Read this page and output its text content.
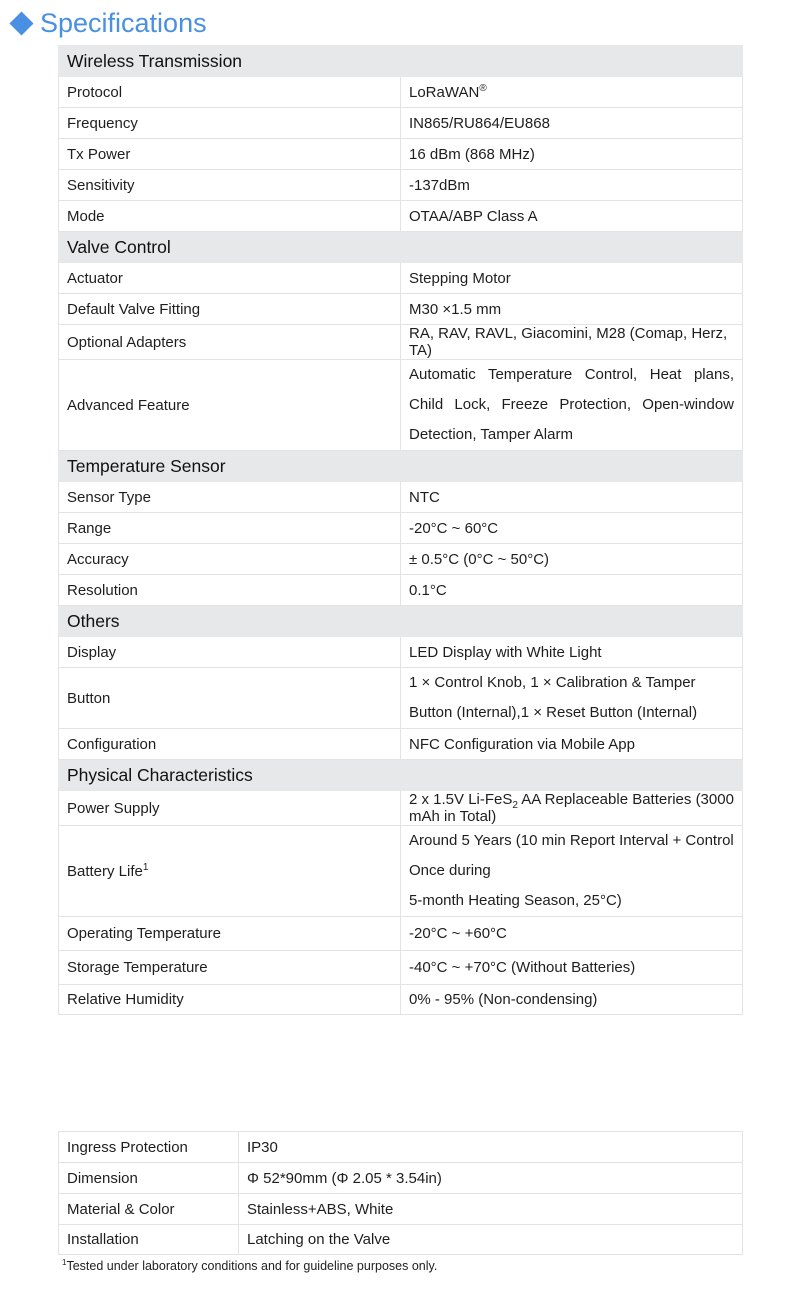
Specifications
Wireless Transmission	
Protocol	LoRaWAN®
Frequency	IN865/RU864/EU868
Tx Power	16 dBm (868 MHz)
Sensitivity	-137dBm
Mode	OTAA/ABP Class A
Valve Control	
Actuator	Stepping Motor
Default Valve Fitting	M30 ×1.5 mm
Optional Adapters	RA, RAV, RAVL, Giacomini, M28 (Comap, Herz, TA)
Advanced Feature	Automatic Temperature Control, Heat plans, Child Lock, Freeze Protection, Open-window Detection, Tamper Alarm
Temperature Sensor	
Sensor Type	NTC
Range	-20°C ~ 60°C
Accuracy	± 0.5°C (0°C ~ 50°C)
Resolution	0.1°C
Others	
Display	LED Display with White Light
Button	1 × Control Knob, 1 × Calibration & Tamper Button (Internal),1 × Reset Button (Internal)
Configuration	NFC Configuration via Mobile App
Physical Characteristics	
Power Supply	2 x 1.5V Li-FeS$_2$ AA Replaceable Batteries (3000 mAh in Total)
Battery Life$^1$	Around 5 Years (10 min Report Interval + Control Once during
5-month Heating Season, 25°C)
Operating Temperature	-20°C ~ +60°C
Storage Temperature	-40°C ~ +70°C (Without Batteries)
Relative Humidity	0% - 95% (Non-condensing)
Ingress Protection	IP30
Dimension	Φ 52*90mm (Φ 2.05 * 3.54in)
Material & Color	Stainless+ABS, White
Installation	Latching on the Valve
$^1$Tested under laboratory conditions and for guideline purposes only.
